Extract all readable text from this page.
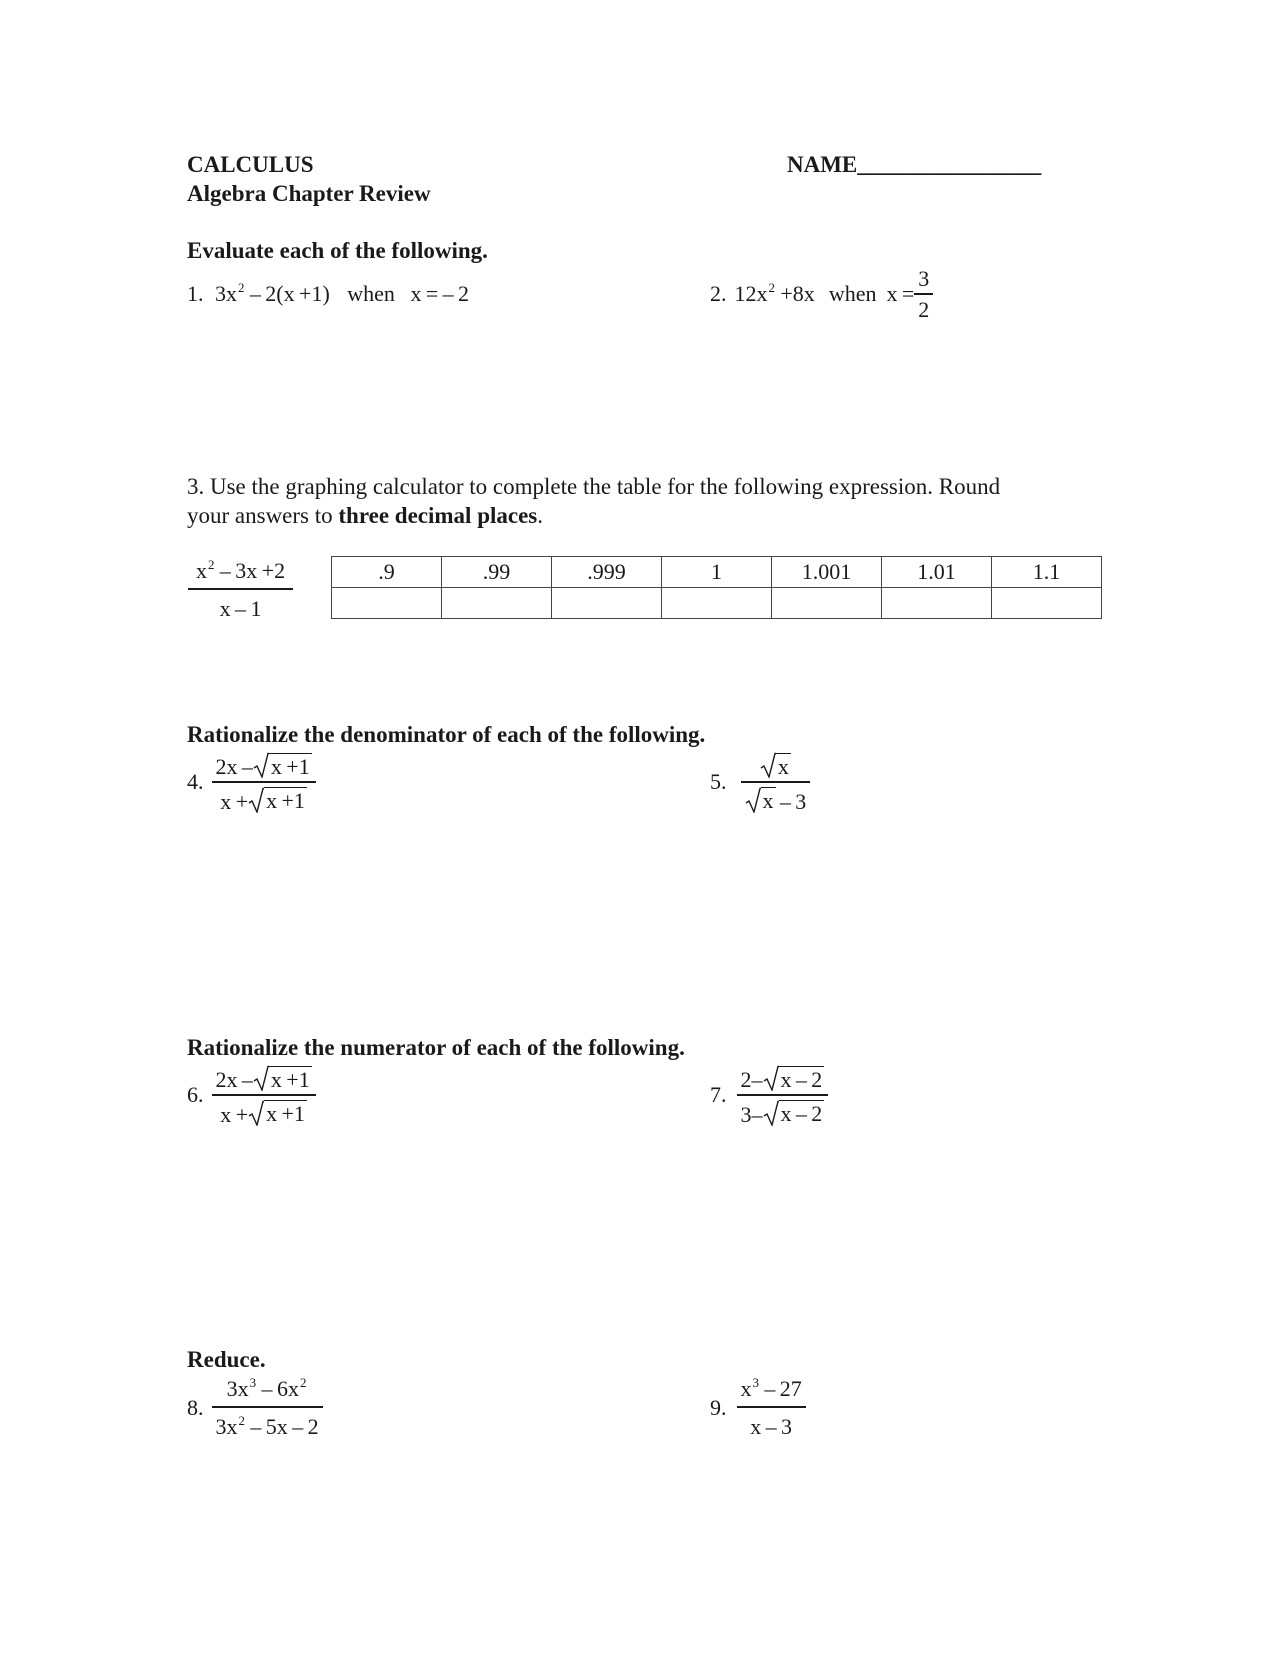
CALCULUS
Algebra Chapter Review
NAME________________
Evaluate each of the following.
1. $3x^2 - 2(x +1)$ when x = – 2	2. $12x^2 +8x$ when $x = \frac{3}{2}$
3. Use the graphing calculator to complete the table for the following expression. Round
your answers to three decimal places.
$\frac{x^2 - 3x +2}{x - 1}$	.9	.99	.999	1	1.001	1.01	1.1

Rationalize the denominator of each of the following.
4. $\frac{2x - x +1}{x + x +1}$	5. $\frac{x}{x - 3}$
Rationalize the numerator of each of the following.
6. $\frac{2x - x +1}{x + x +1}$	7. $\frac{2- x - 2}{3- x - 2}$
Reduce.
8. $\frac{3x^3 - 6x^2}{3x^2 - 5x - 2}$	9. $\frac{x^3 - 27}{x - 3}$
